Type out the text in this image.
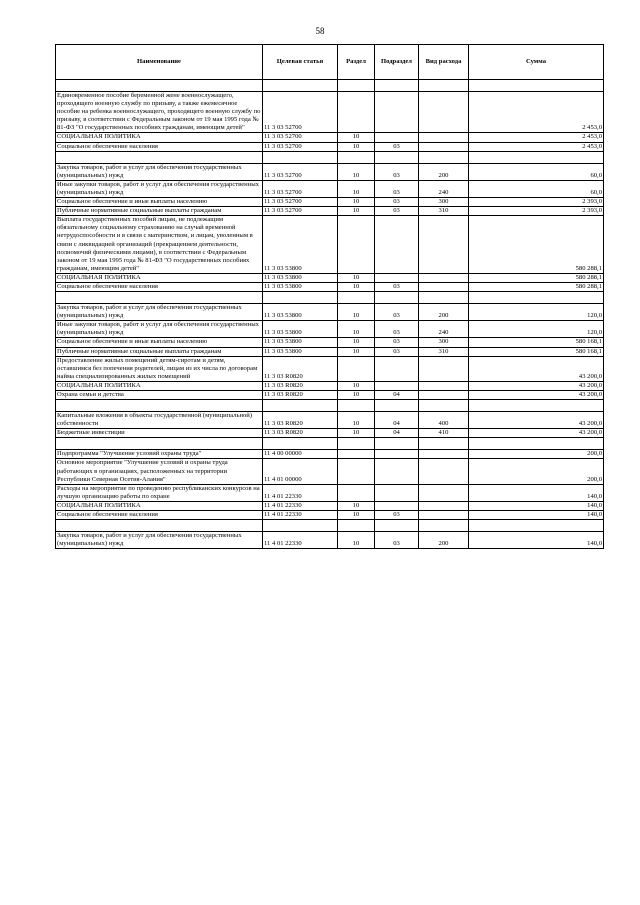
58
Наименование	Целевая статья	Раздел	Подраздел	Вид расхода	Сумма

Единовременное пособие беременной жене военнослужащего, проходящего военную службу по призыву, а также ежемесячное пособие на ребенка военнослужащего, проходящего военную службу по призыву, в соответствии с Федеральным законом от 19 мая 1995 года № 81-ФЗ "О государственных пособиях гражданам, имеющим детей"	11 3 03 52700				2 453,0
СОЦИАЛЬНАЯ ПОЛИТИКА	11 3 03 52700	10			2 453,0
Социальное обеспечение населения	11 3 03 52700	10	03		2 453,0

Закупка товаров, работ и услуг для обеспечения государственных (муниципальных) нужд	11 3 03 52700	10	03	200	60,0
Иные закупки товаров, работ и услуг для обеспечения государственных (муниципальных) нужд	11 3 03 52700	10	03	240	60,0
Социальное обеспечение и иные выплаты населению	11 3 03 52700	10	03	300	2 393,0
Публичные нормативные социальные выплаты гражданам	11 3 03 52700	10	03	310	2 393,0
Выплата государственных пособий лицам, не подлежащим обязательному социальному страхованию на случай временной нетрудоспособности и в связи с материнством, и лицам, уволенным в связи с ликвидацией организаций (прекращением деятельности, полномочий физическими лицами), в соответствии с Федеральным законом от 19 мая 1995 года № 81-ФЗ "О государственных пособиях гражданам, имеющим детей"	11 3 03 53800				580 288,1
СОЦИАЛЬНАЯ ПОЛИТИКА	11 3 03 53800	10			580 288,1
Социальное обеспечение населения	11 3 03 53800	10	03		580 288,1

Закупка товаров, работ и услуг для обеспечения государственных (муниципальных) нужд	11 3 03 53800	10	03	200	120,0
Иные закупки товаров, работ и услуг для обеспечения государственных (муниципальных) нужд	11 3 03 53800	10	03	240	120,0
Социальное обеспечение и иные выплаты населению	11 3 03 53800	10	03	300	580 168,1
Публичные нормативные социальные выплаты гражданам	11 3 03 53800	10	03	310	580 168,1
Предоставление жилых помещений детям-сиротам и детям, оставшимся без попечения родителей, лицам из их числа по договорам найма специализированных жилых помещений	11 3 03 R0820				43 200,0
СОЦИАЛЬНАЯ ПОЛИТИКА	11 3 03 R0820	10			43 200,0
Охрана семьи и детства	11 3 03 R0820	10	04		43 200,0

Капитальные вложения в объекты государственной (муниципальной) собственности	11 3 03 R0820	10	04	400	43 200,0
Бюджетные инвестиции	11 3 03 R0820	10	04	410	43 200,0

Подпрограмма "Улучшение условий охраны труда"	11 4 00 00000				200,0
Основное мероприятие "Улучшение условий и охраны труда работающих в организациях, расположенных на территории Республики Северная Осетия-Алания"	11 4 01 00000				200,0
Расходы на мероприятие по проведению республиканских конкурсов на лучшую организацию работы по охране	11 4 01 22330				140,0
СОЦИАЛЬНАЯ ПОЛИТИКА	11 4 01 22330	10			140,0
Социальное обеспечение населения	11 4 01 22330	10	03		140,0

Закупка товаров, работ и услуг для обеспечения государственных (муниципальных) нужд	11 4 01 22330	10	03	200	140,0
